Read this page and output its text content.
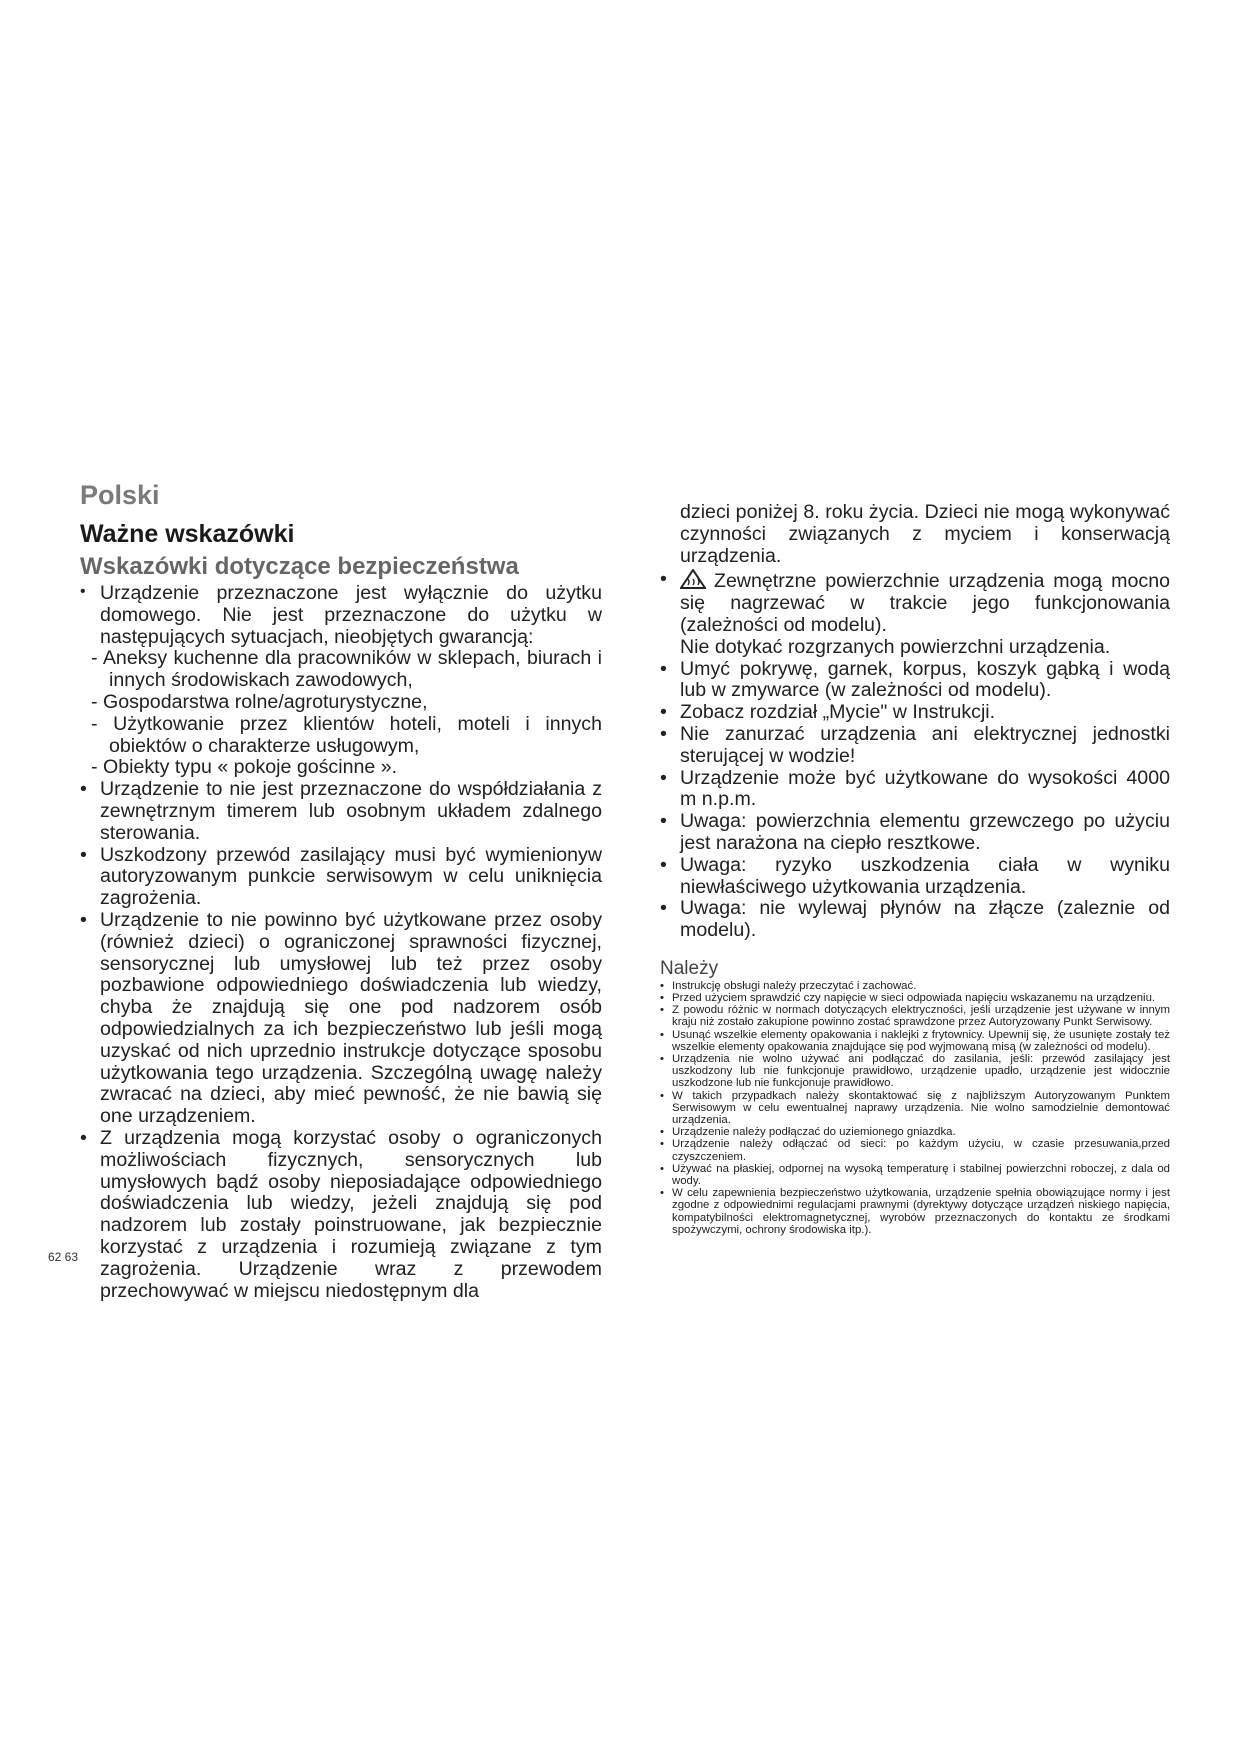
Polski
Ważne wskazówki
Wskazówki dotyczące bezpieczeństwa
• Urządzenie przeznaczone jest wyłącznie do użytku domowego. Nie jest przeznaczone do użytku w następujących sytuacjach, nieobjętych gwarancją:
- Aneksy kuchenne dla pracowników w sklepach, biurach i innych środowiskach zawodowych,
- Gospodarstwa rolne/agroturystyczne,
- Użytkowanie przez klientów hoteli, moteli i innych obiektów o charakterze usługowym,
- Obiekty typu « pokoje gościnne ».
• Urządzenie to nie jest przeznaczone do współdziałania z zewnętrznym timerem lub osobnym układem zdalnego sterowania.
• Uszkodzony przewód zasilający musi być wymienionyw autoryzowanym punkcie serwisowym w celu uniknięcia zagrożenia.
• Urządzenie to nie powinno być użytkowane przez osoby (również dzieci) o ograniczonej sprawności fizycznej, sensorycznej lub umysłowej lub też przez osoby pozbawione odpowiedniego doświadczenia lub wiedzy, chyba że znajdują się one pod nadzorem osób odpowiedzialnych za ich bezpieczeństwo lub jeśli mogą uzyskać od nich uprzednio instrukcje dotyczące sposobu użytkowania tego urządzenia. Szczególną uwagę należy zwracać na dzieci, aby mieć pewność, że nie bawią się one urządzeniem.
• Z urządzenia mogą korzystać osoby o ograniczonych możliwościach fizycznych, sensorycznych lub umysłowych bądź osoby nieposiadające odpowiedniego doświadczenia lub wiedzy, jeżeli znajdują się pod nadzorem lub zostały poinstruowane, jak bezpiecznie korzystać z urządzenia i rozumieją związane z tym zagrożenia. Urządzenie wraz z przewodem przechowywać w miejscu niedostępnym dla

dzieci poniżej 8. roku życia. Dzieci nie mogą wykonywać czynności związanych z myciem i konserwacją urządzenia.

•	Zewnętrzne powierzchnie urządzenia mogą mocno się nagrzewać w trakcie jego funkcjonowania (zależności od modelu).
Nie dotykać rozgrzanych powierzchni urządzenia.
• Umyć pokrywę, garnek, korpus, koszyk gąbką i wodą lub w zmywarce (w zależności od modelu).
• Zobacz rozdział „Mycie" w Instrukcji.
• Nie zanurzać urządzenia ani elektrycznej jednostki sterującej w wodzie!
• Urządzenie może być użytkowane do wysokości 4000 m n.p.m.
• Uwaga: powierzchnia elementu grzewczego po użyciu jest narażona na ciepło resztkowe.
• Uwaga: ryzyko uszkodzenia ciała w wyniku niewłaściwego użytkowania urządzenia.
• Uwaga: nie wylewaj płynów na złącze (zaleznie od modelu).

Należy

• Instrukcję obsługi należy przeczytać i zachować.
• Przed użyciem sprawdzić czy napięcie w sieci odpowiada napięciu wskazanemu na urządzeniu.
• Z powodu różnic w normach dotyczących elektryczności, jeśli urządzenie jest używane w innym kraju niż zostało zakupione powinno zostać sprawdzone przez Autoryzowany Punkt Serwisowy.
• Usunąć wszelkie elementy opakowania i naklejki z frytownicy. Upewnij się, że usunięte zostały też wszelkie elementy opakowania znajdujące się pod wyjmowaną misą (w zależności od modelu).
• Urządzenia nie wolno używać ani podłączać do zasilania, jeśli: przewód zasilający jest uszkodzony lub nie funkcjonuje prawidłowo, urządzenie upadło, urządzenie jest widocznie uszkodzone lub nie funkcjonuje prawidłowo.
• W takich przypadkach należy skontaktować się z najbliższym Autoryzowanym Punktem Serwisowym w celu ewentualnej naprawy urządzenia. Nie wolno samodzielnie demontować urządzenia.
• Urządzenie należy podłączać do uziemionego gniazdka.
• Urządzenie należy odłączać od sieci: po każdym użyciu, w czasie przesuwania,przed czyszczeniem.
• Używać na płaskiej, odpornej na wysoką temperaturę i stabilnej powierzchni roboczej, z dala od wody.
• W celu zapewnienia bezpieczeństwo użytkowania, urządzenie spełnia obowiązujące normy i jest zgodne z odpowiednimi regulacjami prawnymi (dyrektywy dotyczące urządzeń niskiego napięcia, kompatybilności elektromagnetycznej, wyrobów przeznaczonych do kontaktu ze środkami spożywczymi, ochrony środowiska itp.).
62 63
